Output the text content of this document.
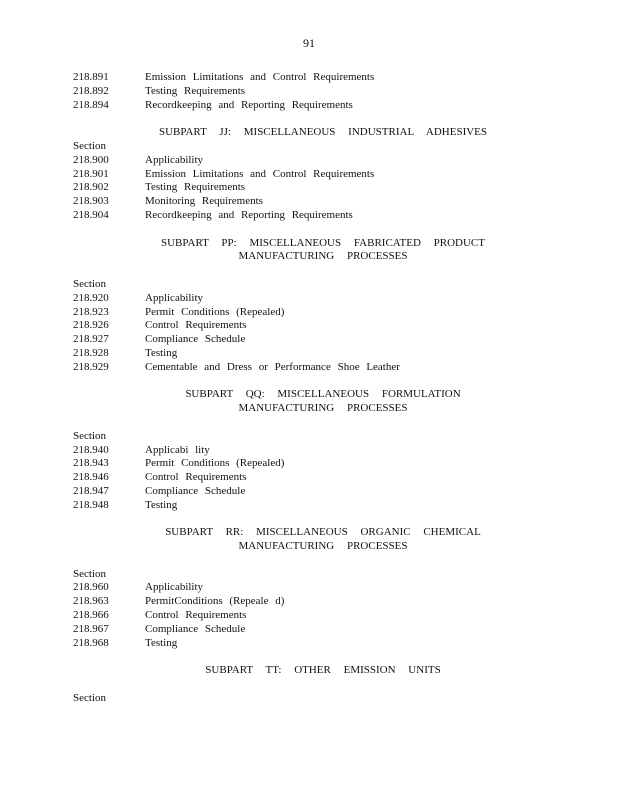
91
218.891	Emission Limitations and Control Requirements
218.892	Testing Requirements
218.894	Recordkeeping and Reporting Requirements
SUBPART JJ: MISCELLANEOUS INDUSTRIAL ADHESIVES
Section
218.900	Applicability
218.901	Emission Limitations and Control Requirements
218.902	Testing Requirements
218.903	Monitoring Requirements
218.904	Recordkeeping and Reporting Requirements
SUBPART PP: MISCELLANEOUS FABRICATED PRODUCT
MANUFACTURING PROCESSES
Section
218.920	Applicability
218.923	Permit Conditions (Repealed)
218.926	Control Requirements
218.927	Compliance Schedule
218.928	Testing
218.929	Cementable and Dress or Performance Shoe Leather
SUBPART QQ: MISCELLANEOUS FORMULATION
MANUFACTURING PROCESSES
Section
218.940	Applicabi lity
218.943	Permit Conditions (Repealed)
218.946	Control Requirements
218.947	Compliance Schedule
218.948	Testing
SUBPART RR: MISCELLANEOUS ORGANIC CHEMICAL
MANUFACTURING PROCESSES
Section
218.960	Applicability
218.963	PermitConditions (Repeale d)
218.966	Control Requirements
218.967	Compliance Schedule
218.968	Testing
SUBPART TT: OTHER EMISSION UNITS
Section
